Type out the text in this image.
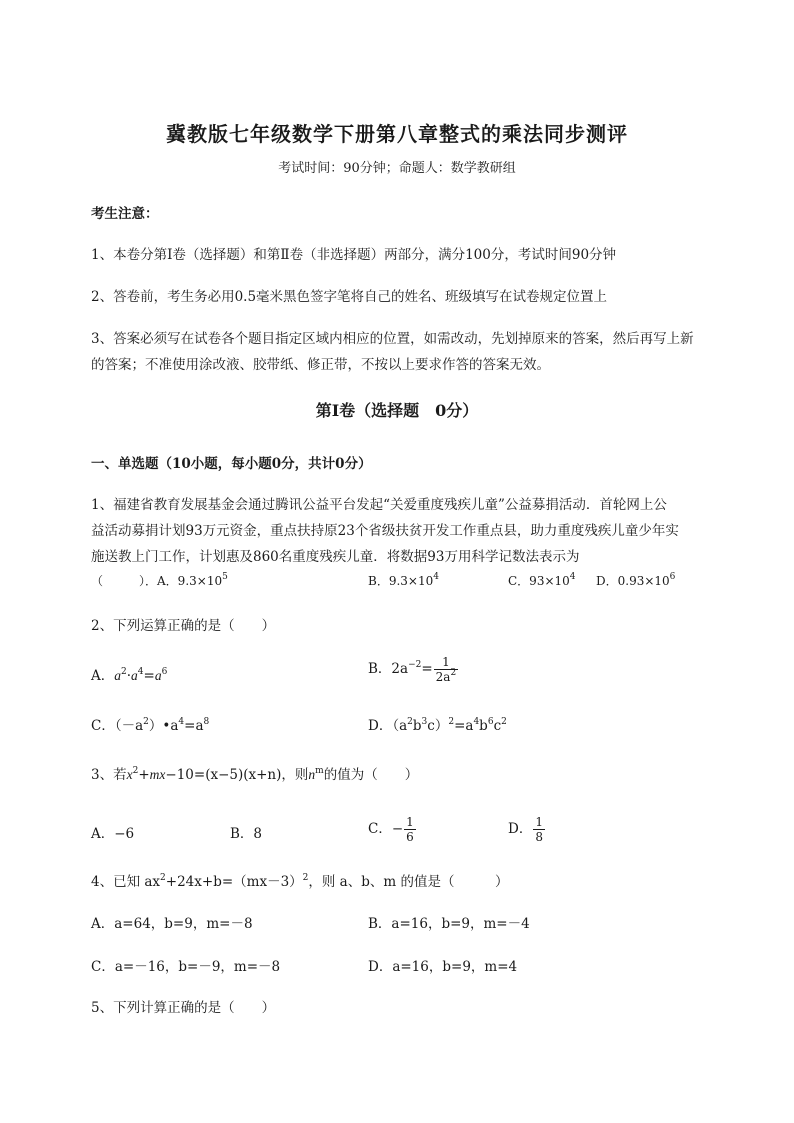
冀教版七年级数学下册第八章整式的乘法同步测评
考试时间：90分钟；命题人：数学教研组
考生注意：
1、本卷分第I卷（选择题）和第Ⅱ卷（非选择题）两部分，满分100分，考试时间90分钟
2、答卷前，考生务必用0.5毫米黑色签字笔将自己的姓名、班级填写在试卷规定位置上
3、答案必须写在试卷各个题目指定区域内相应的位置，如需改动，先划掉原来的答案，然后再写上新
的答案；不准使用涂改液、胶带纸、修正带，不按以上要求作答的答案无效。
第I卷（选择题　0分）
一、单选题（10小题，每小题0分，共计0分）
1、福建省教育发展基金会通过腾讯公益平台发起“关爱重度残疾儿童”公益募捐活动．首轮网上公
益活动募捐计划93万元资金，重点扶持原23个省级扶贫开发工作重点县，助力重度残疾儿童少年实
施送教上门工作，计划惠及860名重度残疾儿童．将数据93万用科学记数法表示为
（　　　）．A．$9.3\times 10^5$	B．$9.3\times 10^4$	C．$93\times 10^4$ D．$0.93\times 10^6$
2、下列运算正确的是（　　）
A．$a^2\cdot a^4=a^6$	B．$2a^{-2}= \frac{1}{2a^2}$
C．$(-a^2)•a^4=a^8$	D．$(a^2b^3c)^2=a^4b^6c^2$
3、若$x^2+mx-10=(x-5)(x+n)$，则$n^m$的值为（　　）
A．−6	B．8	C．− $\frac{1}{6}$	D． $\frac{1}{8}$
4、已知 $ax^2+24x+b=(mx-3)^2$，则 a、b、m 的值是（　　　）
A．a=64，b=9，m=－8	B．a=16，b=9，m=－4
C．a=－16，b=－9，m=－8	D．a=16，b=9，m=4
5、下列计算正确的是（　　）
